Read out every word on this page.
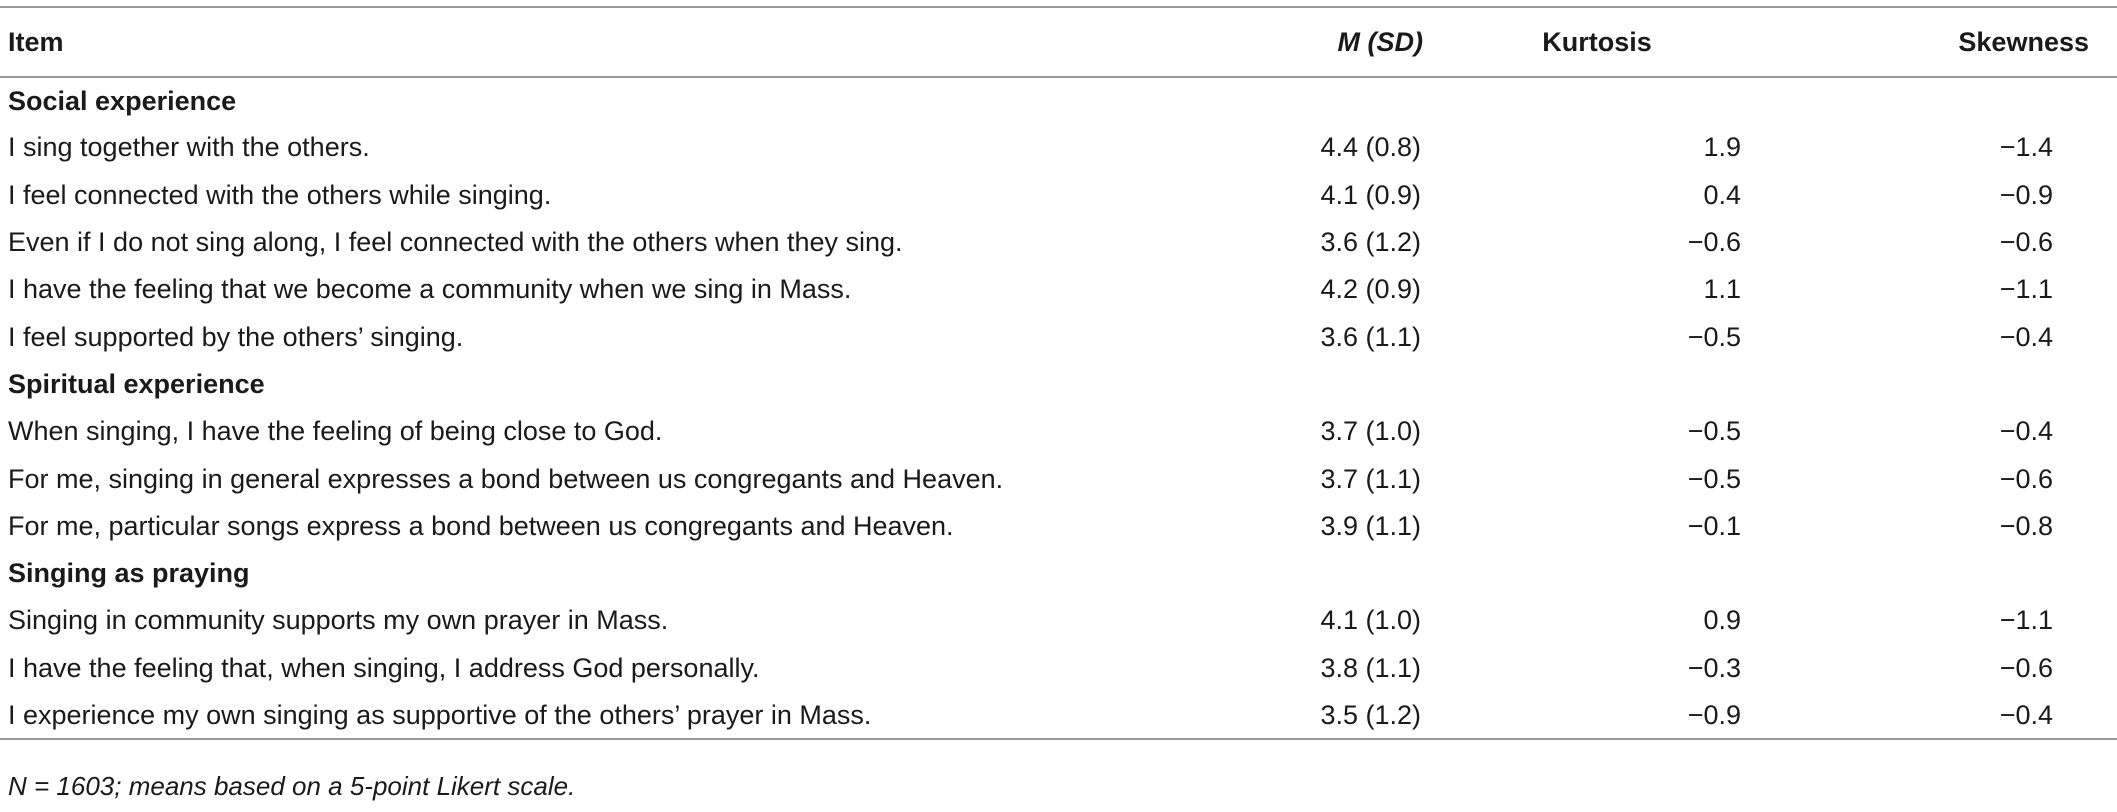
Item	M (SD)	Kurtosis	Skewness
Social experience			
I sing together with the others.	4.4 (0.8)	1.9	−1.4
I feel connected with the others while singing.	4.1 (0.9)	0.4	−0.9
Even if I do not sing along, I feel connected with the others when they sing.	3.6 (1.2)	−0.6	−0.6
I have the feeling that we become a community when we sing in Mass.	4.2 (0.9)	1.1	−1.1
I feel supported by the others’ singing.	3.6 (1.1)	−0.5	−0.4
Spiritual experience			
When singing, I have the feeling of being close to God.	3.7 (1.0)	−0.5	−0.4
For me, singing in general expresses a bond between us congregants and Heaven.	3.7 (1.1)	−0.5	−0.6
For me, particular songs express a bond between us congregants and Heaven.	3.9 (1.1)	−0.1	−0.8
Singing as praying			
Singing in community supports my own prayer in Mass.	4.1 (1.0)	0.9	−1.1
I have the feeling that, when singing, I address God personally.	3.8 (1.1)	−0.3	−0.6
I experience my own singing as supportive of the others’ prayer in Mass.	3.5 (1.2)	−0.9	−0.4
N = 1603; means based on a 5-point Likert scale.
